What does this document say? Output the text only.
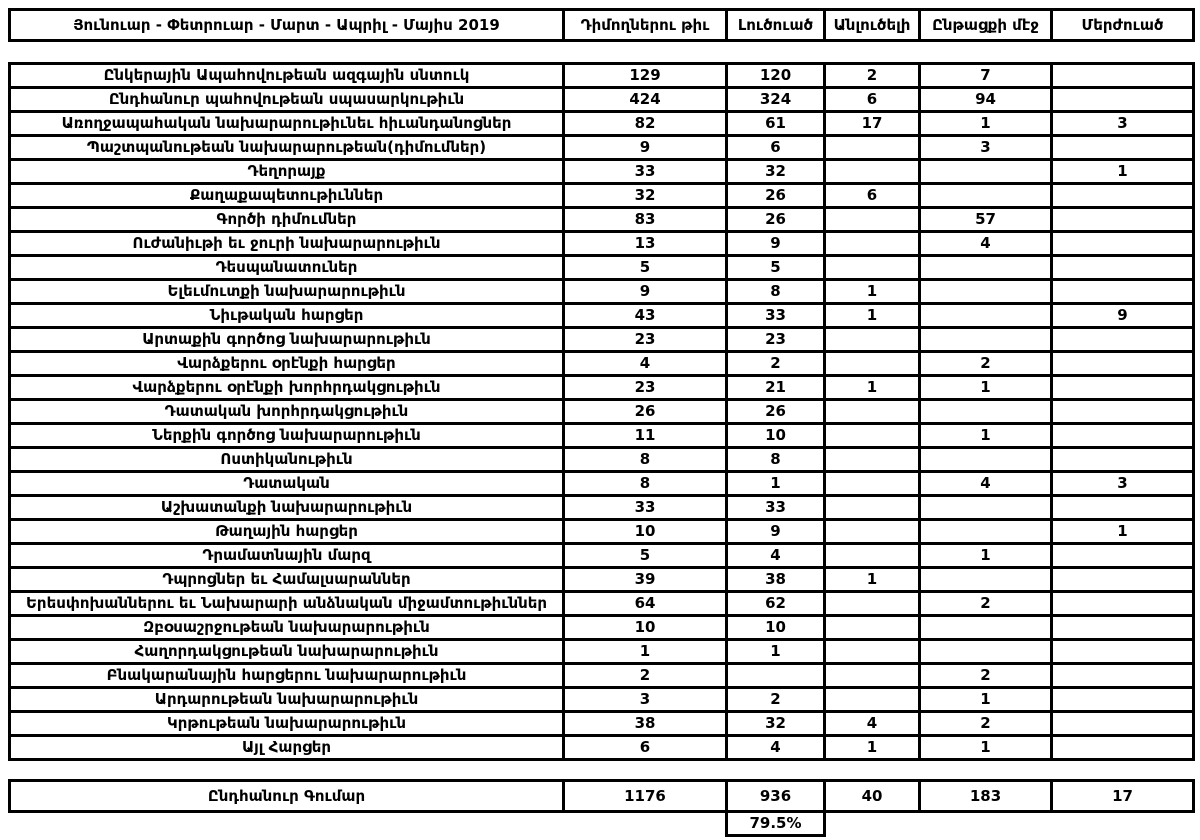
Յունուար - Փետրուար - Մարտ - Ապրիլ - Մայիս 2019	Դիմողներու թիւ	Լուծուած	Անլուծելի	Ընթացքի մէջ	Մերժուած
Ընկերային Ապահովութեան ազգային սնտուկ	129	120	2	7	
Ընդհանուր պահովութեան սպասարկութիւն	424	324	6	94	
Առողջապահական նախարարութիւնեւ հիւանդանոցներ	82	61	17	1	3
Պաշտպանութեան նախարարութեան(դիմումներ)	9	6		3	
Դեղորայք	33	32			1
Քաղաքապետութիւններ	32	26	6		
Գործի դիմումներ	83	26		57	
Ուժանիւթի եւ ջուրի նախարարութիւն	13	9		4	
Դեսպանատուներ	5	5			
Ելեւմուտքի նախարարութիւն	9	8	1		
Նիւթական հարցեր	43	33	1		9
Արտաքին գործոց նախարարութիւն	23	23			
Վարձքերու օրէնքի հարցեր	4	2		2	
Վարձքերու օրէնքի խորհրդակցութիւն	23	21	1	1	
Դատական խորհրդակցութիւն	26	26			
Ներքին գործոց նախարարութիւն	11	10		1	
Ոստիկանութիւն	8	8			
Դատական	8	1		4	3
Աշխատանքի նախարարութիւն	33	33			
Թաղային հարցեր	10	9			1
Դրամատնային մարզ	5	4		1	
Դպրոցներ եւ Համալսարաններ	39	38	1		
Երեսփոխաններու եւ Նախարարի անձնական միջամտութիւններ	64	62		2	
Զբօսաշրջութեան նախարարութիւն	10	10			
Հաղորդակցութեան նախարարութիւն	1	1			
Բնակարանային հարցերու նախարարութիւն	2			2	
Արդարութեան նախարարութիւն	3	2		1	
Կրթութեան նախարարութիւն	38	32	4	2	
Այլ Հարցեր	6	4	1	1	
Ընդհանուր Գումար	1176	936	40	183	17
		79.5%			
